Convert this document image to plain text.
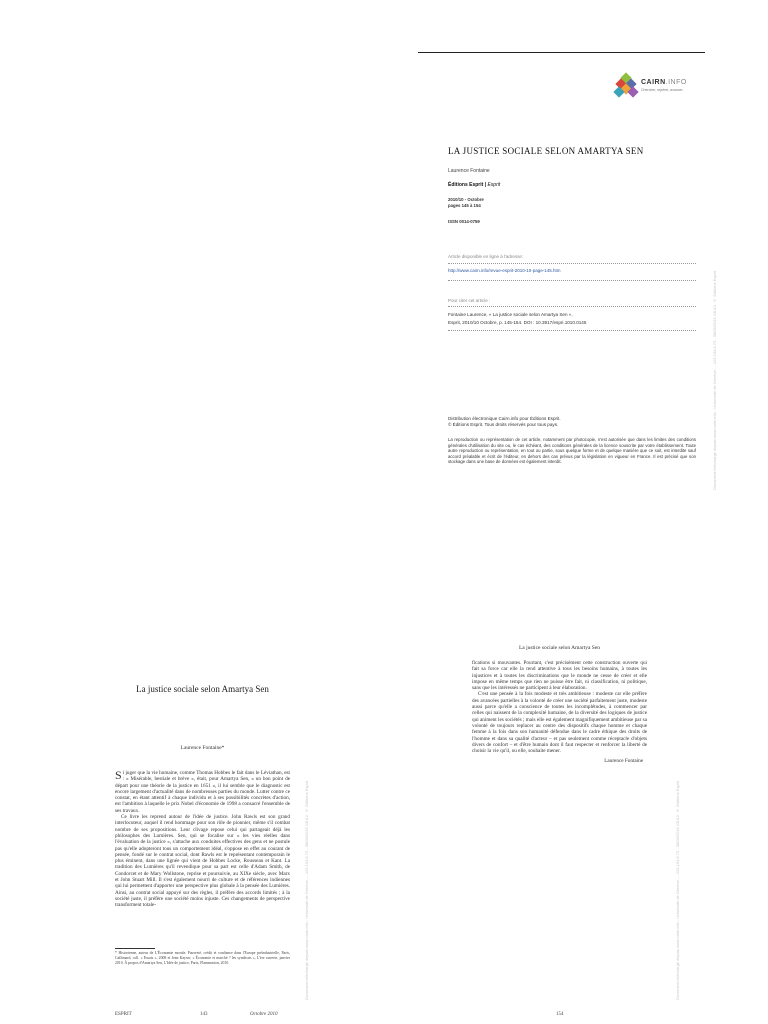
CAIRN.INFO
Chercher, repérer, avancer.
LA JUSTICE SOCIALE SELON AMARTYA SEN
Laurence Fontaine
Éditions Esprit | Esprit
2010/10 - Octobre
pages 145 à 154
ISSN 0014-0759
Article disponible en ligne à l'adresse:
http://www.cairn.info/revue-esprit-2010-10-page-145.htm
Pour citer cet article :
Fontaine Laurence, « La justice sociale selon Amartya Sen »,
Esprit, 2010/10 Octobre, p. 145-154. DOI : 10.3917/espri.1010.0145
Distribution électronique Cairn.info pour Éditions Esprit.
© Éditions Esprit. Tous droits réservés pour tous pays.
La reproduction ou représentation de cet article, notamment par photocopie, n'est autorisée que dans les limites des conditions générales d'utilisation du site ou, le cas échéant, des conditions générales de la licence souscrite par votre établissement. Toute autre reproduction ou représentation, en tout ou partie, sous quelque forme et de quelque manière que ce soit, est interdite sauf accord préalable et écrit de l'éditeur, en dehors des cas prévus par la législation en vigueur en France. Il est précisé que son stockage dans une base de données est également interdit.	Document téléchargé depuis www.cairn.info - Université de Genève - - 129.194.8.73 - 08/06/2016 13h12. © Editions Esprit
Document téléchargé depuis www.cairn.info - Université de Genève - - 129.194.8.73 - 08/06/2016 13h12. © Editions Esprit	Document téléchargé depuis www.cairn.info - Université de Genève - - 129.194.8.73 - 08/06/2016 13h12. © Editions Esprit
La justice sociale selon Amartya Sen
Laurence Fontaine*

Si juger que la vie humaine, comme Thomas Hobbes le fait dans le Léviathan, est : « Misérable, bestiale et brève », était, pour Amartya Sen, « un bon point de départ pour une théorie de la justice en 1651 », il lui semble que le diagnostic est encore largement d'actualité dans de nombreuses parties du monde. Lutter contre ce constat, en étant attentif à chaque individu et à ses possibilités concrètes d'action, est l'ambition à laquelle le prix Nobel d'économie de 1998 a consacré l'ensemble de ses travaux.

Ce livre les reprend autour de l'idée de justice. John Rawls est son grand interlocuteur, auquel il rend hommage pour son rôle de pionnier, même s'il combat nombre de ses propositions. Leur clivage repose celui qui partageait déjà les philosophes des Lumières. Sen, qui se focalise sur « les vies réelles dans l'évaluation de la justice », s'attache aux conduites effectives des gens et ne postule pas qu'elle adopteront tous un comportement idéal, s'oppose en effet au courant de pensée, fondé sur le contrat social, dont Rawls est le représentant contemporain le plus éminent, dans une lignée qui vient de Hobbes Locke, Rousseau et Kant. La tradition des Lumières qu'il revendique pour sa part est celle d'Adam Smith, de Condorcet et de Mary Wollstone, reprise et poursuivie, au XIXe siècle, avec Marx et John Stuart Mill. Il s'est également nourri de culture et de références indiennes qui lui permettent d'apporter une perspective plus globale à la pensée des Lumières. Ainsi, au contrat social appuyé sur des règles, il préfère des accords limités ; à la société juste, il préfère une société moins injuste. Ces changements de perspective transforment totale-

* Historienne, auteur de L'Économie morale. Pauvreté, crédit et confiance dans l'Europe préindustrielle, Paris, Gallimard, coll. « Essais », 2008 et Jean Kayser, « Économie et marché ? les syndicats », L'ère ouverte, janvier 2010. À propos d'Amartya Sen, L'Idée de justice, Paris, Flammarion, 2010.
ESPRIT	143	Octobre 2010
La justice sociale selon Amartya Sen

fications si mouvantes. Pourtant, c'est précisément cette construction ouverte qui fait sa force car elle la rend attentive à tous les besoins humains, à toutes les injustices et à toutes les discriminations que le monde ne cesse de créer et elle impose en même temps que rien ne puisse être fait, ni classification, ni politique, sans que les intéressés ne participent à leur élaboration.

C'est une pensée à la fois modeste et très ambitieuse : modeste car elle préfère des avancées partielles à la volonté de créer une société parfaitement juste, modeste aussi parce qu'elle a conscience de toutes les incomplétudes, à commencer par celles qui naissent de la complexité humaine, de la diversité des logiques de justice qui animent les sociétés ; mais elle est également magnifiquement ambitieuse par sa volonté de toujours replacer au centre des dispositifs chaque homme et chaque femme à la fois dans son humanité défendue dans le cadre éthique des droits de l'homme et dans sa qualité d'acteur – et pas seulement comme réceptacle d'objets divers de confort – et d'être humain dont il faut respecter et renforcer la liberté de choisir la vie qu'il, ou elle, souhaite mener.

Laurence Fontaine
154
